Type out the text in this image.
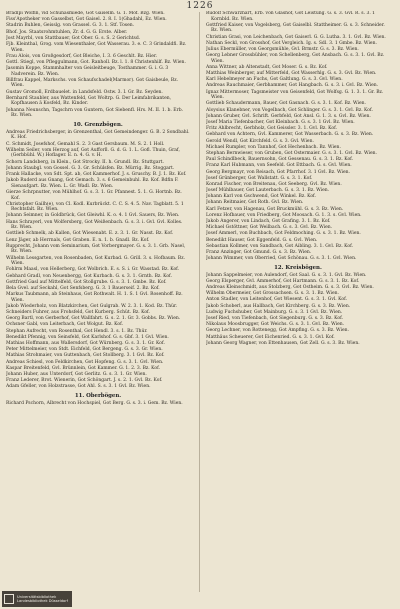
1226
Bradlpi Wolfin, vid Schünasmiede, Got Gaiselm. G. 1. Mof. Bzg. Wien.
Fiss'Apotheker von Gasselbst, Got Gaisel. 2. 8. I. 1(Ghadahl, Ez. Wien.
Stadrin Buhlen, Geisslg. von Grassel. G. 3. 1. Stf. Tosen.
Bhof. Jos. Staatsrohmtuhlen, Zr. d. G. G. Erste. Alber.
Jost Mayrbl, von Stattbauer, Got Ober. G. s. S. 2 Gerichtsd.
Fjb. Kleinthal, Grog. vom Wiesenthaler, Got Wasserau. 3. e. C. 3 Grindaldfi. Bz. Wien.
Frau Alois, von Großgesdorf, Got Bleiche, I. 3. 6 Geschlt. Bz. Hier.
Gottl. Stiegl, von Pfleggulmann, Got. Ranholl. Bz. l. 1. 8 Christenhilf. Bz. Wien.
Jasomin Koppe, Stammhalter von Geisleitbeuge, Tosthammer. G. i. G. 3 Nadverein. Bz. Wien.
Billfrau Kappel, Markschs. von Schaufschadel(Marmor). Got Gaisbeule, Bz. Wien.
Gustav Gromoll, Erdbauelet. in Landsfeld. Ostw. 3. I. Gr. Bz. Seyden.
Bernhard Staubler, aus Wattenfeld, Got Woltrp. G. Der Leimfabrikanten, Kopfhausen ä Kosfeld, Bz. Kinder.
Johanna Neunschn, Tagschrn von Guntern, Got Siebenfl. Hrs. M. II. 1. b. Erb. Bz. Wien.
10. Grenzbögen.
Andreas Friedrichsberger, in Grenzenthal, Got Gemeindenger. G. B. 2 Sondbahl. K. Hof.
C. Schmidt, Josefshof, Gemahl S. 2. 3 Gast Gersbaum. M. S. 2. 1 Holl.
Wilhelm Seiler, vom Herzog auf, Got Aufforll. G. d. G. 1. L. Gofl. Thuin, Graf, (Gerbbühl. W.) Hoflager. E. n. 4. G. v. H.
Schorn Landsberg, in Klein., Got Strocky. II. h. Grundl. Bz. Stuttgart.
Johann Staubgl. von Gossel. G. 3. Gr. Schülsfen. Bz. Mürrig. Bz. Stoggart.
Frank Hallacke, von Sdt. Spt. ab, Got Kammerhof. J. s. Gruschy. B. J. 1. Bz. Kof.
Jakob Ruderd aus Gnang, Got Gemach. 3. s. 6 Gemeinbuhl. Bz. Kof. Bdfin F. Sienaufgart. Bz. Wien. L. Gr. Wadl. Bz. Wien.
Gierze Schrpnutter, von Mühlhof. G. s. 3. 1. Gr. Pfannest. 5. 1. G. Hortnb. Bz. Kof.
Christopher Gailh(e), von Cl. Kodl. Kurbrückt. C. C. S. 4. 5. Nav. Tagblatt. 5. 1 Rechtsfalt. Bz. Wien.
Johann Seimner, in Goldbrück, Got Gleiwhl. K. o. 4. 1 Gvl. Sauers, Bz. Wien.
Hans Schrayerl, von Wolfersberg, Got Weißenbach. G. s. 3. i. Gvl. Gvl. Kolles. Bz. Wien.
Gottlieb Schmelk, ab Kallen, Got Wiesenabt. E. z. 3. 1. Gr. Nasst. Bz. Kof.
Lenz Jäger, ab Herrnals, Got Graben. E. n. 1. b. Gnadl. Bz. Kof.
Rupprecht, Johann vom Seminarium, Got Vorbergmayer. G. s. 3. 1. Grb. Nasel, Bz. Wien.
Wilhelm Lessgarten, von Rosenbaden, Got Kurbad. G. Grill. 3. s. Hofbaum. Bz. Wien.
Fohlrm Maasl, von Hellerberg, Got Wolbrich. E. s. S. i. Gr. Wasstad. Bz. Kof.
Gebhard Gradl, von Neuenbergg, Got Kurbach. G. s. 3. 1. Grnth. Bz. Kof.
Gottfried Gasl auf Mittelfeld, Got Stollgrube. G. s. 3. 1. Gmbe. Bz. Kof.
Bela Gvel. auf Seckahl, Got Senfsberg. G. 3. 1 Bauerseif. 2. Bz. Kof.
Markus Taubmann, ab Steinhaus, Got Rothwalt. H. 1. S. 1 Gvl. Rosenhoff. Bz. Wien.
Jakob Wiederholz, von Blatzkirchen, Got Gulgrab. W. 2. 3. 1. Kod. Bz. Thür.
Schneiders Fuhrer, aus Frohsfeld, Got Kurberg. Schüt. Bz. Kof.
Georg Bartl, von Gerberhof, Got Wallfahrt. G. s. 2. 1. Gr. 3. Gobbs. Bz. Wien.
Ochsner Gabl, von Leiterbach, Got Wolgut. Bz. Kof.
Stephan Aufrecht, von Rosenthal, Got Hendl. 3. s. 1. Bz. Thür.
Benedikt Pfennig, von Seinsfeld, Got Karlshof. G. s. Gbf. 3. 1 Gvl. Wien.
Mathias Hoffmann, aus Wallersdorf, Got Würnberg. G. s. 3. 1. Gr. Kof.
Peter Mittelmeier, von Stdt. Eichfeld, Got Bergeng. G. s. 3. Gr. Wien.
Mathias Strohmaier, von Guttenbach, Got Stollberg. 3. 1 Gvl. Bz. Kof.
Andreas Schiesl, von Feldkirchen, Got Hopfeng. G. s. 3. 1. Gvl. Wien.
Kaspar Breitenfeld, Gvl. Brünnlein, Got Kammer. G. 1. 2. 3. Bz. Kof.
Johann Huber, aus Unterdorf, Got Gerlitz. G. s. 3. 1. Gr. Wien.
Franz Lederer, Brot. Wienerin, Got Schöngart. J. s. 2. 1. Gvl. Bz. Kof.
Adam Gfeller, von Holzstrasse, Got Ahl. S. s. 3. 1 Gvl. Bz. Wien.
11. Oberbögen.
Richard Pschorn, Albrecht von Hochspiel, Got Berg. G. s. 3. i. Gem. Bz. Wien.
Rudolf Schwarzhart, Erb. von Glashof, Got Leistung. G. s. 3. Gvl. R. s. 3. 1 Kornbld. Bz. Wien.
Gottfried Kaiser, von Vogelsberg, Got Gaiselbl. Stattheimer. G. s. 3. Schneider. Bz. Wien.
Christian Grasi, von Leichenbach, Got Gaiserl. G. G. Lutha. 3. 1. Gvl. Bz. Wien.
Nathan Seckl, von Grosshof, Got Vergleich. Ig. s. Sdl. 3. 1 Gmbe. Bz. Wien.
Julius Ebermüller, von Georgsmühle, Gvl. Brmstr. G. s. 3. Bz. Wien.
Georg Lebner Grossbühler, von Schellenberg, Got Ansbach. G. s. 3. 1. Gvl. Bz. Wien.
Anna Wittner, ab Altenstadt, Got Moser. G. s. Bz. Kof.
Matthias Weinberger, auf Mitterfeld, Got Wasserhlg. G. s. 3. Gvl. Bz. Wien.
Karl Hebelmeyer an Fuchs, Got Galtlung. G. s. 3. Gvl. Wien.
Andreas Rauchmaier, Gerbhammer, Got Hangbach. G. s. 3. i. Gvl. Bz. Wien.
Ignaz Mittermoser, Tagsmeister von Geisenfeld, Got Wolfsg. G. 1. 3. 1. Gr. Bz. Wien.
Gottlieb Schaudermann, Bauer, Got Gasnach. G. s. 3. 1. Kof. Bz. Wien.
Aloysius Klanebner, von Vogelbach, Got Schlinger. G. s. 3. 1. Gvl. Bz. Kof.
Johann Gruber, Gvl. Schrift. Gerbfeld, Got Ansl. G. 1. 3. s. Gvl. Bz. Wien.
Josef Maria Tiefenbacher, Got Kleinbach. G. s. 3. 1 Gvl. Bz. Wien.
Fritz Ahlbrecht, Gerbholz, Got Geissler. 3. 1. Gvl. Bz. Kof.
Gebhard von Achtern, Gvl. Kammerer, Got Wasserbach. G. s. 3. Bz. Wien.
Gerold Wendl, Got Kirchfeld. G. s. 3. Gvl. Wien.
Michael Rumpler, von Tannhof, Got Hechenbach. Bz. Wien.
Stephan Bernwieser, von Gruben, Got Ostermaier. G. s. 3. 1. Gvl. Bz. Wien.
Paul Schindlbeck, Bauernsohn, Got Gessenau. G. s. 3. 1. Bz. Kof.
Franz Karl Hubmann, von Seefeld. Got Ettbach. G. s. Gvl. Wien.
Georg Bergmayr, von Reisach, Got Pfarrhof. 3. 1 Gvl. Bz. Wien.
Josef Grünberger, Got Wallstatt. G. s. 3. 1. Kof.
Konrad Fischer, von Breitenau, Got Seeberg. Gvl. Bz. Wien.
Josef Mühlbauer, Got Lauterbach. G. s. 3. 1. Bz. Wien.
Johann Karl von Gschwend, Got Winkel. Bz. Kof.
Johann Reitmaier, Got Roth. Gvl. Bz. Wien.
Karl Fetzer, von Hagenau, Got Bruckmühl. G. s. 3. Bz. Wien.
Lorenz Hofbauer, von Friedberg, Got Moosach. G. 1. 3. s. Gvl. Wien.
Jakob Angerer, von Lindach, Got Grafing. 3. 1. Bz. Kof.
Michael Gstöttner, Got Weilbach. G. s. 3. Gvl. Bz. Wien.
Josef Ammerl, von Buchbach, Got Feldmoching. G. s. 3. 1. Bz. Wien.
Benedikt Hauser, Got Eggenfeld. G. s. Gvl. Wien.
Sebastian Kollmer, von Sandbach, Got Aibling. 3. 1. Gvl. Bz. Kof.
Franz Anzinger, Got Gmund. G. s. 3. Bz. Wien.
Johann Wimmer, von Oberried, Got Schönau. G. s. 3. 1. Gvl. Wien.
12. Kreisbögen.
Johann Sappelmeier, von Aulendorf, Got Saal. G. s. 3. 1. Gvl. Bz. Wien.
Georg Elsperger, Gvl. Ammerhof, Got Hartmann. G. s. 3. 1. Bz. Kof.
Andreas Kleinschmidt, aus Stolzberg, Got Ostheim. G. s. 3. Gvl. Bz. Wien.
Wilhelm Obermeier, Got Grossachsen. G. s. 3. 1. Bz. Wien.
Anton Stadler, von Leitenhof, Got Wiesent. G. s. 3. 1. Gvl. Kof.
Jakob Schoberl, aus Hallbach, Got Kirchberg. G. s. 3. Bz. Wien.
Ludwig Fuchshuber, Got Mainburg. G. s. 3. 1 Gvl. Bz. Wien.
Josef Ried, von Tiefenbach, Got Siegenburg. G. s. 3. Bz. Kof.
Nikolaus Moosbrugger, Got Weichs. G. s. 3. 1. Gvl. Bz. Wien.
Georg Lechner, von Rottenegg, Got Ampfing. G. s. 3. Bz. Wien.
Matthäus Scheuerer, Got Eichenried. G. s. 3. 1. Gvl. Kof.
Johann Georg Wagner, von Ettenhausen, Got Zell. G. s. 3. Bz. Wien.
Universitätsbibliothek
Landesbibliothek Düsseldorf
